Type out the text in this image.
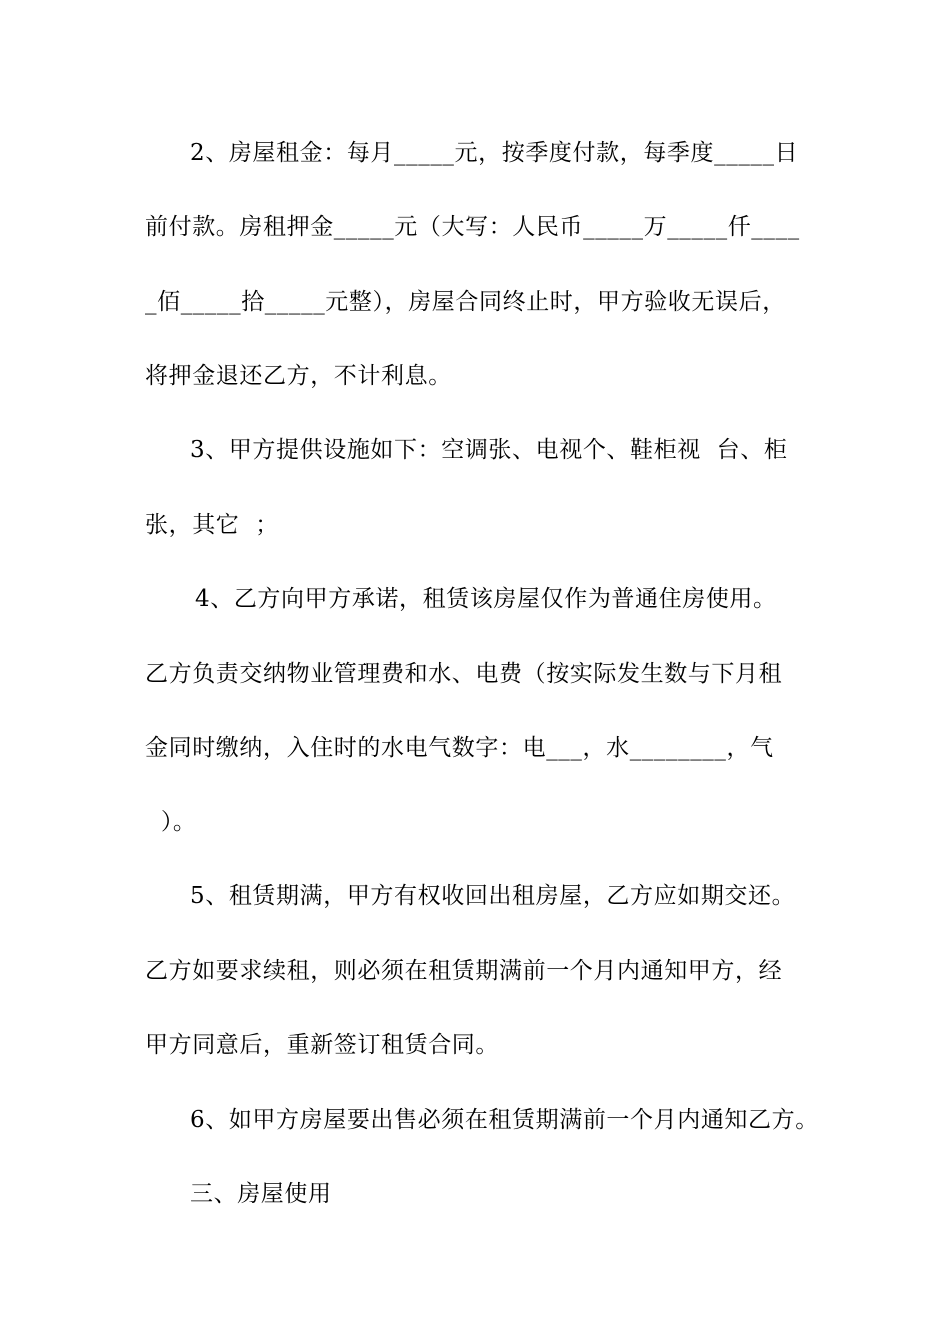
2、房屋租金：每月_____元，按季度付款，每季度_____日
前付款。房租押金_____元（大写：人民币_____万_____仟____
_佰_____拾_____元整），房屋合同终止时，甲方验收无误后，
将押金退还乙方，不计利息。
3、甲方提供设施如下：空调张、电视个、鞋柜视  台、柜
张，其它  ；
4、乙方向甲方承诺，租赁该房屋仅作为普通住房使用。
乙方负责交纳物业管理费和水、电费（按实际发生数与下月租
金同时缴纳，入住时的水电气数字：电___，水________，气
）。
5、租赁期满，甲方有权收回出租房屋，乙方应如期交还。
乙方如要求续租，则必须在租赁期满前一个月内通知甲方，经
甲方同意后，重新签订租赁合同。
6、如甲方房屋要出售必须在租赁期满前一个月内通知乙方。
三、房屋使用
